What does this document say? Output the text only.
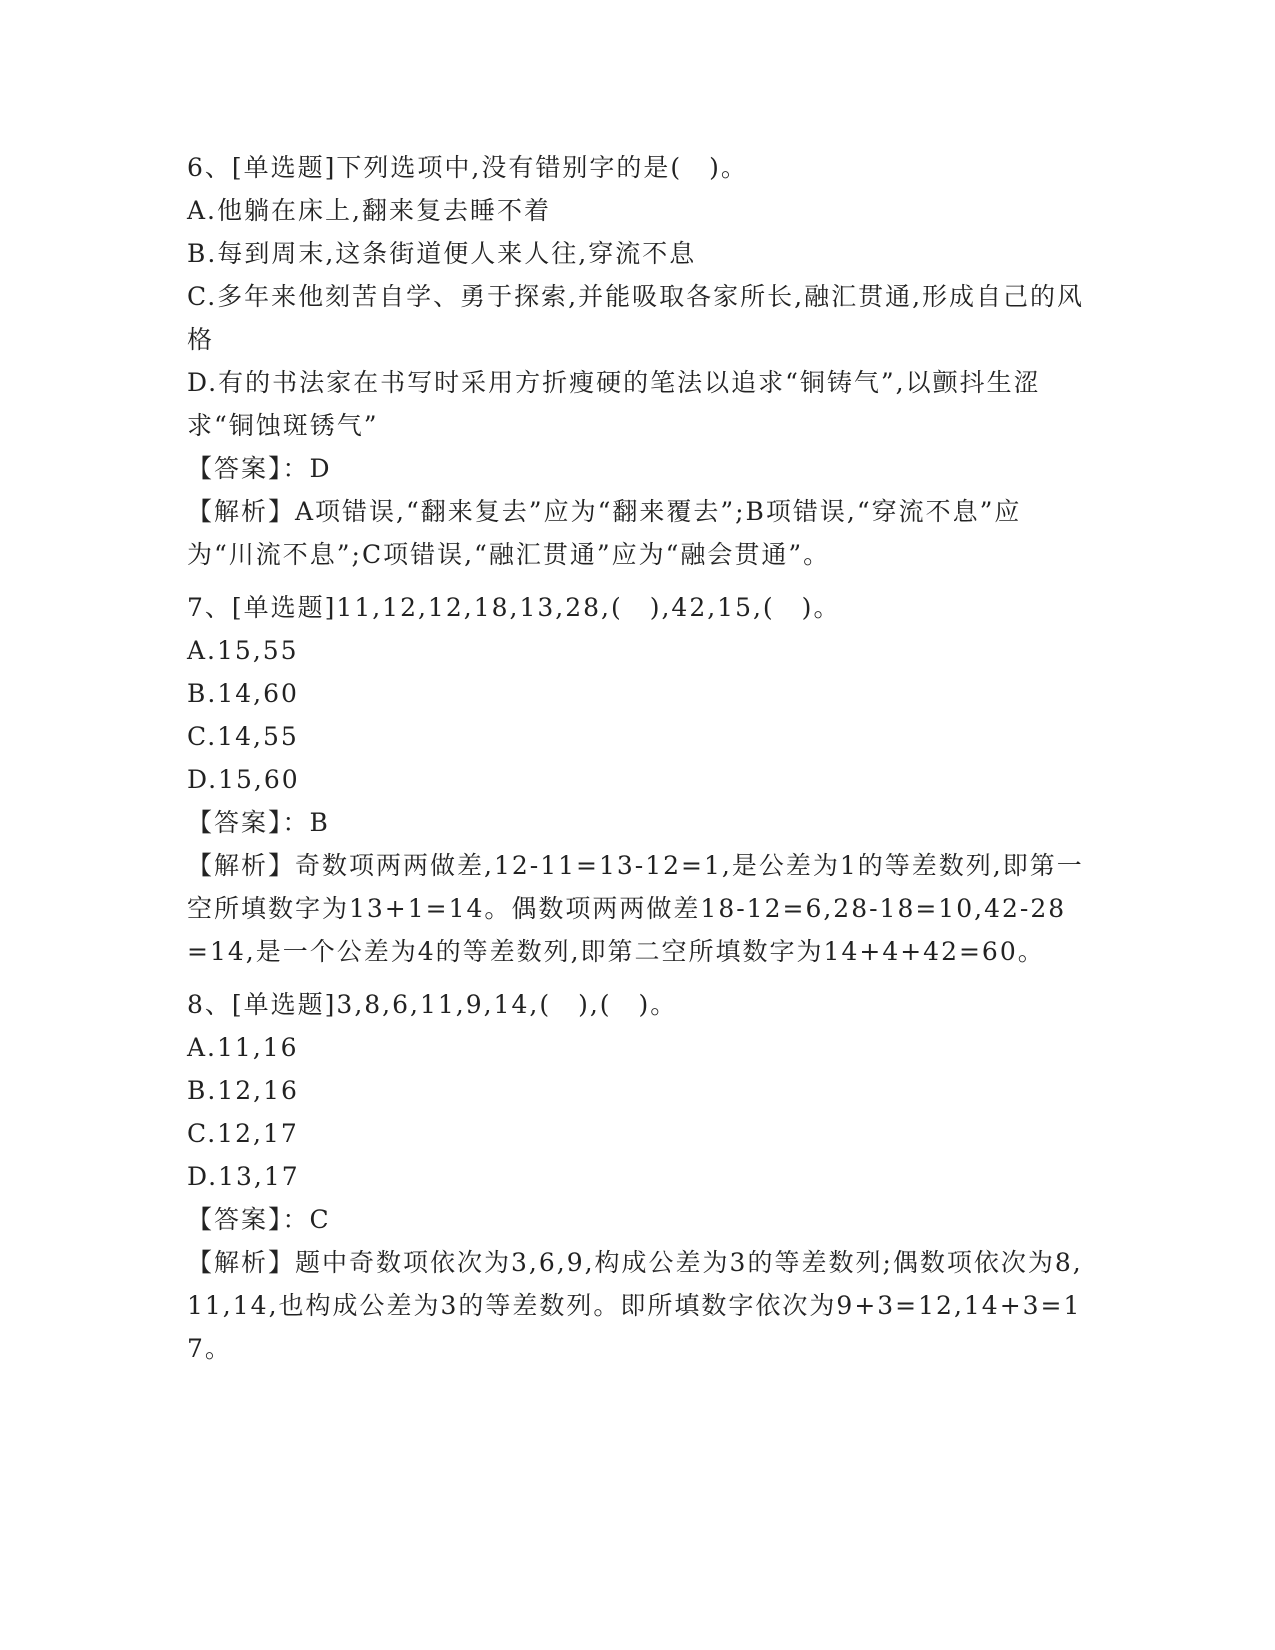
6、[单选题]下列选项中,没有错别字的是(　)。
A.他躺在床上,翻来复去睡不着
B.每到周末,这条街道便人来人往,穿流不息
C.多年来他刻苦自学、勇于探索,并能吸取各家所长,融汇贯通,形成自己的风格
D.有的书法家在书写时采用方折瘦硬的笔法以追求“铜铸气”,以颤抖生涩求“铜蚀斑锈气”
【答案】：D
【解析】A项错误,“翻来复去”应为“翻来覆去”;B项错误,“穿流不息”应为“川流不息”;C项错误,“融汇贯通”应为“融会贯通”。
7、[单选题]11,12,12,18,13,28,(　),42,15,(　)。
A.15,55
B.14,60
C.14,55
D.15,60
【答案】：B
【解析】奇数项两两做差,12-11=13-12=1,是公差为1的等差数列,即第一空所填数字为13+1=14。偶数项两两做差18-12=6,28-18=10,42-28=14,是一个公差为4的等差数列,即第二空所填数字为14+4+42=60。
8、[单选题]3,8,6,11,9,14,(　),(　)。
A.11,16
B.12,16
C.12,17
D.13,17
【答案】：C
【解析】题中奇数项依次为3,6,9,构成公差为3的等差数列;偶数项依次为8,11,14,也构成公差为3的等差数列。即所填数字依次为9+3=12,14+3=17。
